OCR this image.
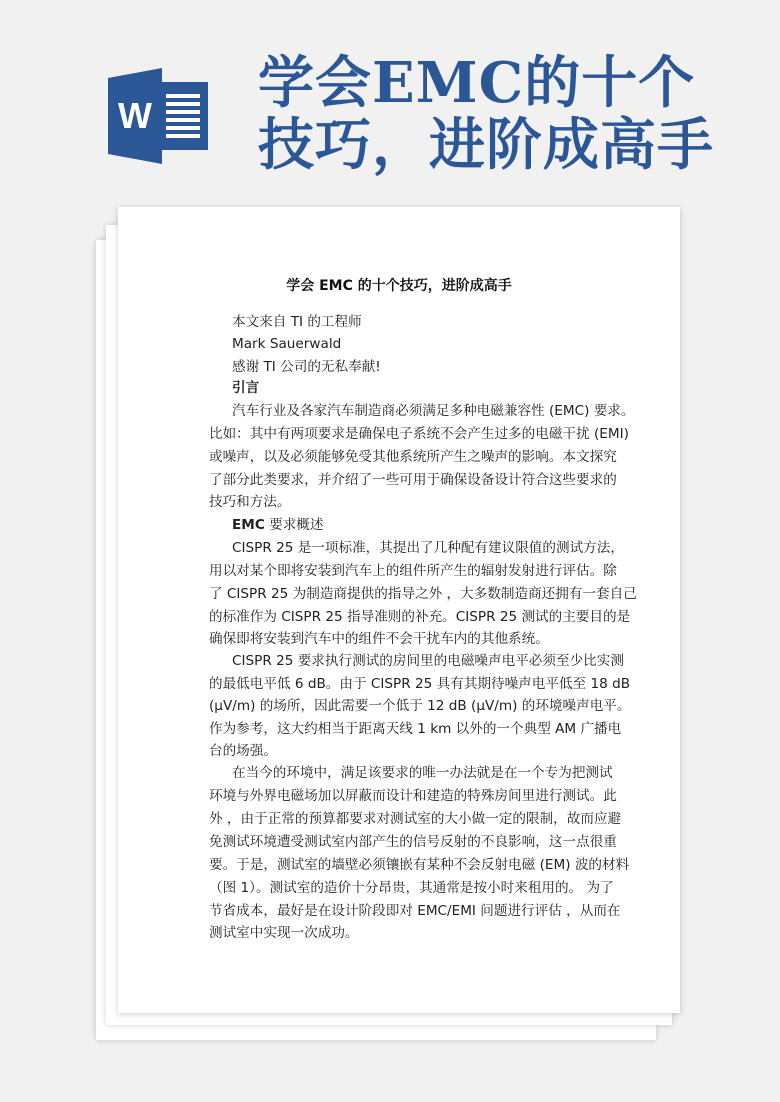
W 学会EMC的十个
技巧，进阶成高手
学会 EMC 的十个技巧，进阶成高手
本文来自 TI 的工程师
Mark Sauerwald
感谢 TI 公司的无私奉献!
引言
汽车行业及各家汽车制造商必须满足多种电磁兼容性 (EMC) 要求。
比如：其中有两项要求是确保电子系统不会产生过多的电磁干扰 (EMI)
或噪声，以及必须能够免受其他系统所产生之噪声的影响。本文探究
了部分此类要求，并介绍了一些可用于确保设备设计符合这些要求的
技巧和方法。
EMC 要求概述
CISPR 25 是一项标准，其提出了几种配有建议限值的测试方法，
用以对某个即将安装到汽车上的组件所产生的辐射发射进行评估。除
了 CISPR 25 为制造商提供的指导之外 ，大多数制造商还拥有一套自己
的标准作为 CISPR 25 指导准则的补充。CISPR 25 测试的主要目的是
确保即将安装到汽车中的组件不会干扰车内的其他系统。
CISPR 25 要求执行测试的房间里的电磁噪声电平必须至少比实测
的最低电平低 6 dB。由于 CISPR 25 具有其期待噪声电平低至 18 dB
(μV/m) 的场所，因此需要一个低于 12 dB (μV/m) 的环境噪声电平。
作为参考，这大约相当于距离天线 1 km 以外的一个典型 AM 广播电
台的场强。
在当今的环境中，满足该要求的唯一办法就是在一个专为把测试
环境与外界电磁场加以屏蔽而设计和建造的特殊房间里进行测试。此
外 ，由于正常的预算都要求对测试室的大小做一定的限制，故而应避
免测试环境遭受测试室内部产生的信号反射的不良影响，这一点很重
要。于是，测试室的墙壁必须镶嵌有某种不会反射电磁 (EM) 波的材料
（图 1）。测试室的造价十分昂贵，其通常是按小时来租用的。 为了
节省成本，最好是在设计阶段即对 EMC/EMI 问题进行评估 ，从而在
测试室中实现一次成功。
